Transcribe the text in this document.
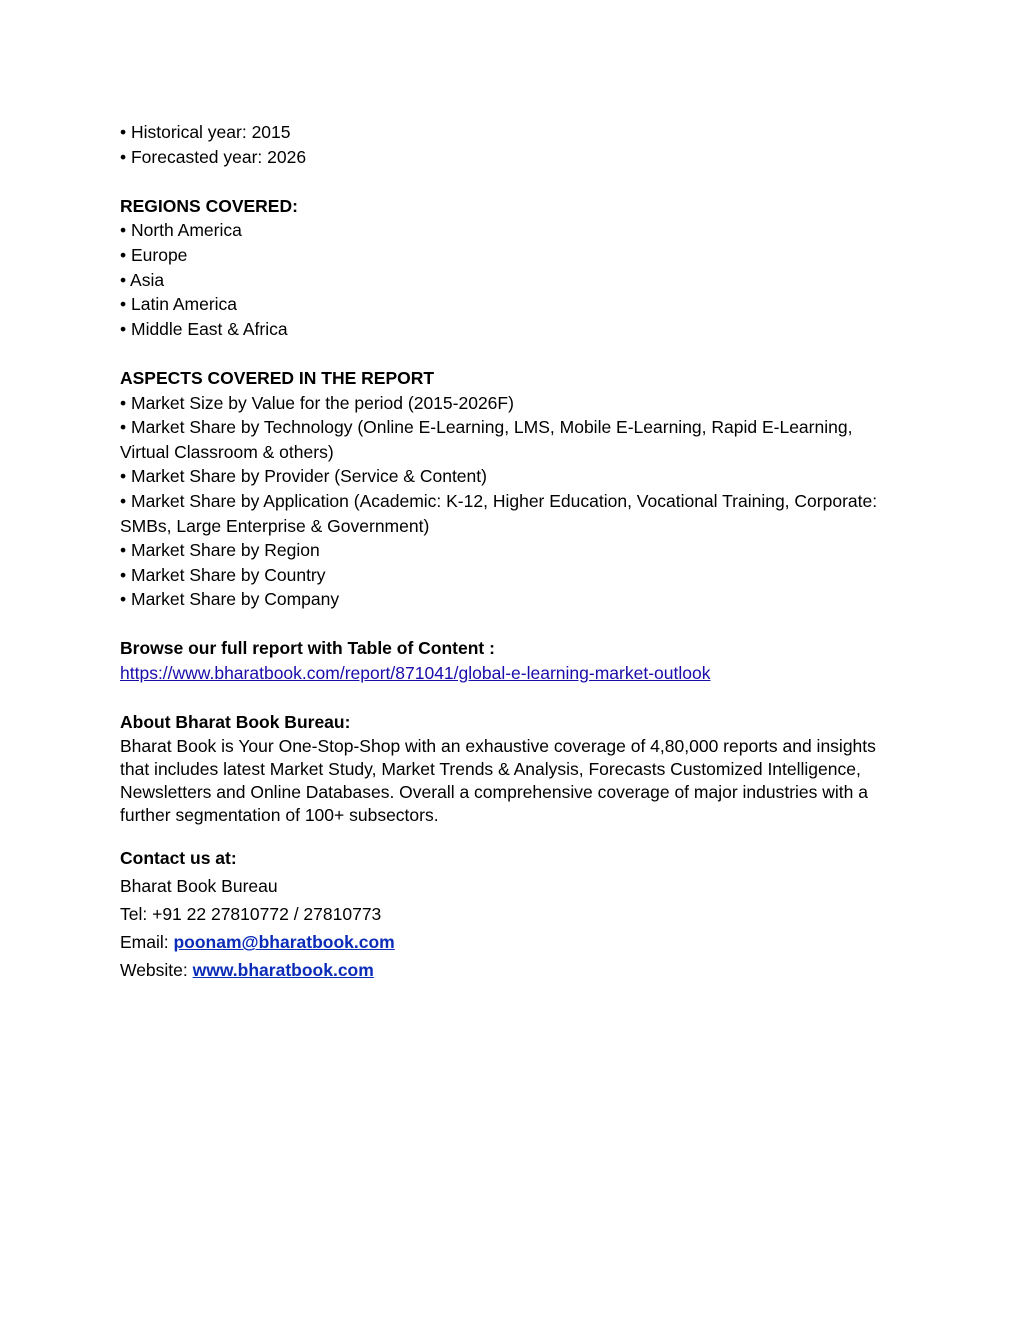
• Historical year: 2015
• Forecasted year: 2026
REGIONS COVERED:
• North America
• Europe
• Asia
• Latin America
• Middle East & Africa
ASPECTS COVERED IN THE REPORT
• Market Size by Value for the period (2015-2026F)
• Market Share by Technology (Online E-Learning, LMS, Mobile E-Learning, Rapid E-Learning, Virtual Classroom & others)
• Market Share by Provider (Service & Content)
• Market Share by Application (Academic: K-12, Higher Education, Vocational Training, Corporate: SMBs, Large Enterprise & Government)
• Market Share by Region
• Market Share by Country
• Market Share by Company
Browse our full report with Table of Content :
https://www.bharatbook.com/report/871041/global-e-learning-market-outlook
About Bharat Book Bureau:
Bharat Book is Your One-Stop-Shop with an exhaustive coverage of 4,80,000 reports and insights that includes latest Market Study, Market Trends & Analysis, Forecasts Customized Intelligence, Newsletters and Online Databases. Overall a comprehensive coverage of major industries with a further segmentation of 100+ subsectors.
Contact us at:
Bharat Book Bureau
Tel: +91 22 27810772 / 27810773
Email: poonam@bharatbook.com
Website: www.bharatbook.com
